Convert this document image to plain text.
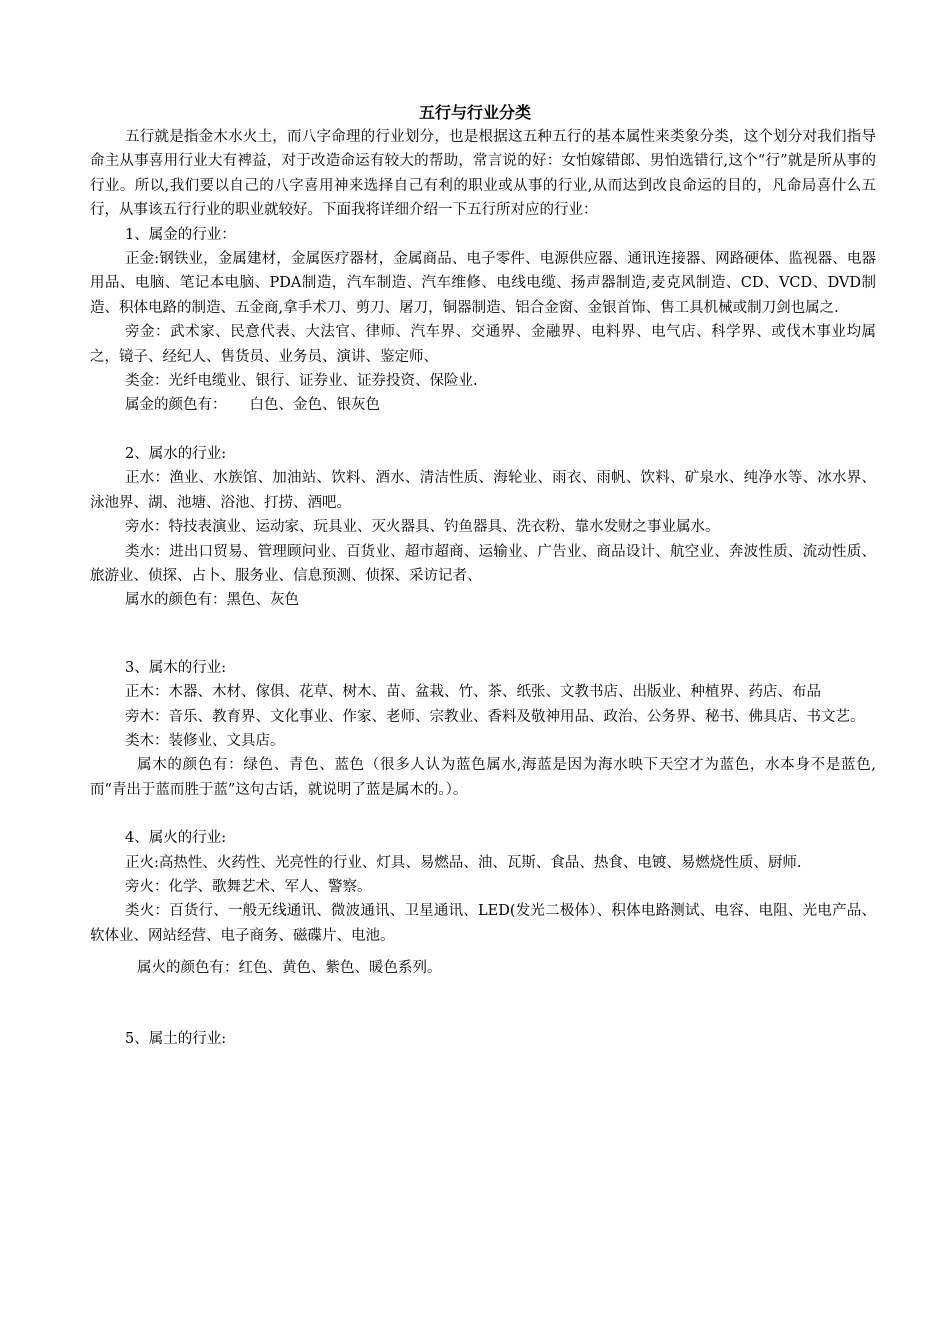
五行与行业分类

五行就是指金木水火土，而八字命理的行业划分，也是根据这五种五行的基本属性来类象分类，这个划分对我们指导命主从事喜用行业大有裨益，对于改造命运有较大的帮助，常言说的好：女怕嫁错郎、男怕选错行,这个“行”就是所从事的行业。所以,我们要以自己的八字喜用神来选择自己有利的职业或从事的行业,从而达到改良命运的目的，凡命局喜什么五行，从事该五行行业的职业就较好。下面我将详细介绍一下五行所对应的行业：

1、属金的行业：

正金:钢铁业，金属建材，金属医疗器材，金属商品、电子零件、电源供应器、通讯连接器、网路硬体、监视器、电器用品、电脑、笔记本电脑、PDA制造，汽车制造、汽车维修、电线电缆、扬声器制造,麦克风制造、CD、VCD、DVD制造、积体电路的制造、五金商,拿手术刀、剪刀、屠刀，铜器制造、铝合金窗、金银首饰、售工具机械或制刀剑也属之.

旁金：武术家、民意代表、大法官、律师、汽车界、交通界、金融界、电料界、电气店、科学界、或伐木事业均属之，镜子、经纪人、售货员、业务员、演讲、鉴定师、

类金：光纤电缆业、银行、证券业、证券投资、保险业.

属金的颜色有：     白色、金色、银灰色

2、属水的行业:

正水：渔业、水族馆、加油站、饮料、酒水、清洁性质、海轮业、雨衣、雨帆、饮料、矿泉水、纯净水等、冰水界、泳池界、湖、池塘、浴池、打捞、酒吧。

旁水：特技表演业、运动家、玩具业、灭火器具、钓鱼器具、洗衣粉、靠水发财之事业属水。

类水：进出口贸易、管理顾问业、百货业、超市超商、运输业、广告业、商品设计、航空业、奔波性质、流动性质、旅游业、侦探、占卜、服务业、信息预测、侦探、采访记者、

属水的颜色有：黑色、灰色

3、属木的行业:

正木：木器、木材、傢俱、花草、树木、苗、盆栽、竹、茶、纸张、文教书店、出版业、种植界、药店、布品

旁木：音乐、教育界、文化事业、作家、老师、宗教业、香料及敬神用品、政治、公务界、秘书、佛具店、书文艺。

类木：装修业、文具店。

属木的颜色有：绿色、青色、蓝色（很多人认为蓝色属水,海蓝是因为海水映下天空才为蓝色，水本身不是蓝色,而“青出于蓝而胜于蓝”这句古话，就说明了蓝是属木的。）。

4、属火的行业:

正火:高热性、火药性、光亮性的行业、灯具、易燃品、油、瓦斯、食品、热食、电镀、易燃烧性质、厨师.

旁火：化学、歌舞艺术、军人、警察。

类火：百货行、一般无线通讯、微波通讯、卫星通讯、LED(发光二极体）、积体电路测试、电容、电阻、光电产品、软体业、网站经营、电子商务、磁碟片、电池。

属火的颜色有：红色、黄色、紫色、暖色系列。

5、属土的行业:
